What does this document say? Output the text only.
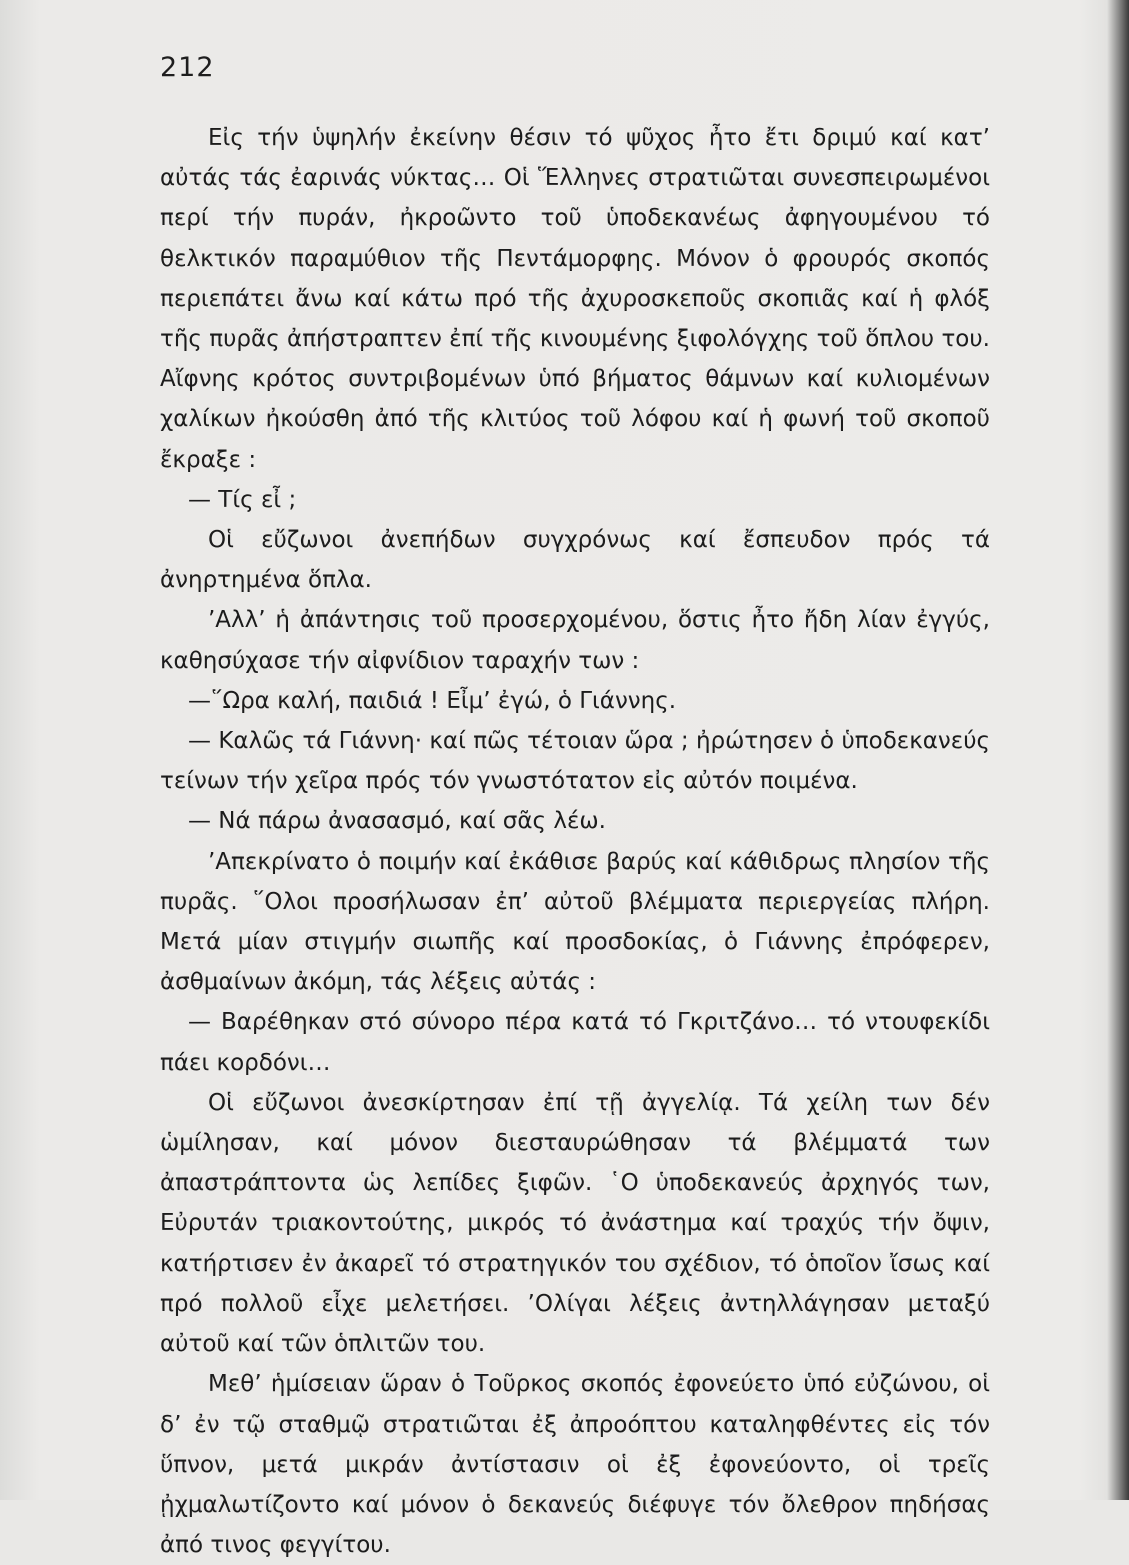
212

Εἰς τήν ὑψηλήν ἐκείνην θέσιν τό ψῦχος ἦτο ἔτι δριμύ καί κατ’ αὐτάς τάς ἐαρινάς νύκτας… Οἱ Ἕλληνες στρατιῶται συνεσπειρωμένοι περί τήν πυράν, ἠκροῶντο τοῦ ὑποδεκανέως ἀφηγουμένου τό θελκτικόν παραμύθιον τῆς Πεντάμορφης. Μόνον ὁ φρουρός σκοπός περιεπάτει ἄνω καί κάτω πρό τῆς ἀχυροσκεποῦς σκοπιᾶς καί ἡ φλόξ τῆς πυρᾶς ἀπήστραπτεν ἐπί τῆς κινουμένης ξιφολόγχης τοῦ ὅπλου του. Αἴφνης κρότος συντριβομένων ὑπό βήματος θάμνων καί κυλιομένων χαλίκων ἠκούσθη ἀπό τῆς κλιτύος τοῦ λόφου καί ἡ φωνή τοῦ σκοποῦ ἔκραξε :

— Τίς εἶ ;

Οἱ εὔζωνοι ἀνεπήδων συγχρόνως καί ἔσπευδον πρός τά ἀνηρτημένα ὅπλα.

’Αλλ’ ἡ ἀπάντησις τοῦ προσερχομένου, ὅστις ἦτο ἤδη λίαν ἐγγύς, καθησύχασε τήν αἰφνίδιον ταραχήν των :

—῞Ωρα καλή, παιδιά ! Εἶμ’ ἐγώ, ὁ Γιάννης.

— Καλῶς τά Γιάννη· καί πῶς τέτοιαν ὥρα ; ἠρώτησεν ὁ ὑποδεκανεύς τείνων τήν χεῖρα πρός τόν γνωστότατον εἰς αὐτόν ποιμένα.

— Νά πάρω ἀνασασμό, καί σᾶς λέω.

’Απεκρίνατο ὁ ποιμήν καί ἐκάθισε βαρύς καί κάθιδρως πλησίον τῆς πυρᾶς. ῞Ολοι προσήλωσαν ἐπ’ αὐτοῦ βλέμματα περιεργείας πλήρη. Μετά μίαν στιγμήν σιωπῆς καί προσδοκίας, ὁ Γιάννης ἐπρόφερεν, ἀσθμαίνων ἀκόμη, τάς λέξεις αὐτάς :

— Βαρέθηκαν στό σύνορο πέρα κατά τό Γκριτζάνο… τό ντουφεκίδι πάει κορδόνι…

Οἱ εὔζωνοι ἀνεσκίρτησαν ἐπί τῇ ἀγγελίᾳ. Τά χείλη των δέν ὡμίλησαν, καί μόνον διεσταυρώθησαν τά βλέμματά των ἀπαστράπτοντα ὡς λεπίδες ξιφῶν. ῾Ο ὑποδεκανεύς ἀρχηγός των, Εὐρυτάν τριακοντούτης, μικρός τό ἀνάστημα καί τραχύς τήν ὄψιν, κατήρτισεν ἐν ἀκαρεῖ τό στρατηγικόν του σχέδιον, τό ὁποῖον ἴσως καί πρό πολλοῦ εἶχε μελετήσει. ’Ολίγαι λέξεις ἀντηλλάγησαν μεταξύ αὐτοῦ καί τῶν ὁπλιτῶν του.

Μεθ’ ἡμίσειαν ὥραν ὁ Τοῦρκος σκοπός ἐφονεύετο ὑπό εὐζώνου, οἱ δ’ ἐν τῷ σταθμῷ στρατιῶται ἐξ ἀπροόπτου καταληφθέντες εἰς τόν ὕπνον, μετά μικράν ἀντίστασιν οἱ ἐξ ἐφονεύοντο, οἱ τρεῖς ᾐχμαλωτίζοντο καί μόνον ὁ δεκανεύς διέφυγε τόν ὄλεθρον πηδήσας ἀπό τινος φεγγίτου.
